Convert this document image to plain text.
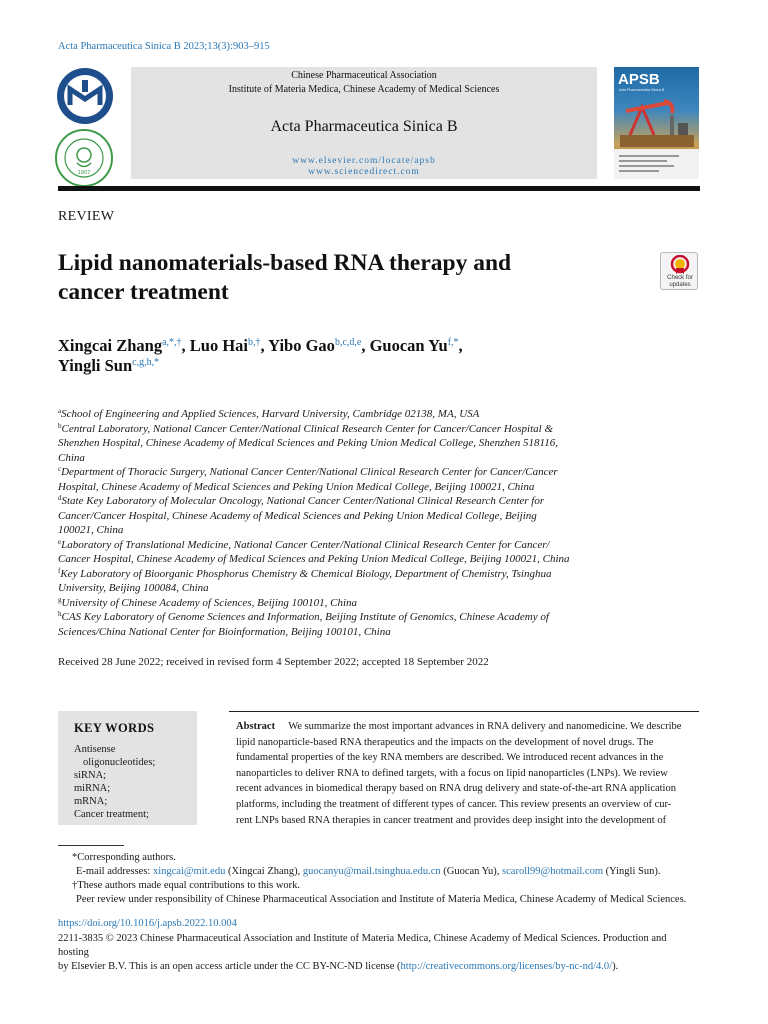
Acta Pharmaceutica Sinica B 2023;13(3):903–915
1907
Chinese Pharmaceutical Association
Institute of Materia Medica, Chinese Academy of Medical Sciences
Acta Pharmaceutica Sinica B
www.elsevier.com/locate/apsb
www.sciencedirect.com
APSB
Acta Pharmaceutica Sinica B
REVIEW
Lipid nanomaterials-based RNA therapy and
cancer treatment
Check for
updates
Xingcai Zhang$^{a,*,\dagger}$, Luo Hai$^{b,\dagger}$, Yibo Gao$^{b,c,d,e}$, Guocan $Yu^{f,*}$,
Yingli Sun$^{c,g,h,*}$
$^a$School of Engineering and Applied Sciences, Harvard University, Cambridge 02138, MA, USA
$^b$Central Laboratory, National Cancer Center/National Clinical Research Center for Cancer/Cancer Hospital &
Shenzhen Hospital, Chinese Academy of Medical Sciences and Peking Union Medical College, Shenzhen 518116,
China
$^c$Department of Thoracic Surgery, National Cancer Center/National Clinical Research Center for Cancer/Cancer
Hospital, Chinese Academy of Medical Sciences and Peking Union Medical College, Beijing 100021, China
$^d$State Key Laboratory of Molecular Oncology, National Cancer Center/National Clinical Research Center for
Cancer/Cancer Hospital, Chinese Academy of Medical Sciences and Peking Union Medical College, Beijing
100021, China
$^e$Laboratory of Translational Medicine, National Cancer Center/National Clinical Research Center for Cancer/
Cancer Hospital, Chinese Academy of Medical Sciences and Peking Union Medical College, Beijing 100021, China
$^f$Key Laboratory of Bioorganic Phosphorus Chemistry & Chemical Biology, Department of Chemistry, Tsinghua
University, Beijing 100084, China
$^g$University of Chinese Academy of Sciences, Beijing 100101, China
$^h$CAS Key Laboratory of Genome Sciences and Information, Beijing Institute of Genomics, Chinese Academy of
Sciences/China National Center for Bioinformation, Beijing 100101, China
Received 28 June 2022; received in revised form 4 September 2022; accepted 18 September 2022
KEY WORDS
Antisense
oligonucleotides;
siRNA;
miRNA;
mRNA;
Cancer treatment;
Abstract   We summarize the most important advances in RNA delivery and nanomedicine. We describe
lipid nanoparticle-based RNA therapeutics and the impacts on the development of novel drugs. The
fundamental properties of the key RNA members are described. We introduced recent advances in the
nanoparticles to deliver RNA to defined targets, with a focus on lipid nanoparticles (LNPs). We review
recent advances in biomedical therapy based on RNA drug delivery and state-of-the-art RNA application
platforms, including the treatment of different types of cancer. This review presents an overview of cur-
rent LNPs based RNA therapies in cancer treatment and provides deep insight into the development of
*Corresponding authors.
E-mail addresses: xingcai@mit.edu (Xingcai Zhang), guocanyu@mail.tsinghua.edu.cn (Guocan Yu), scaroll99@hotmail.com (Yingli Sun).
†These authors made equal contributions to this work.
Peer review under responsibility of Chinese Pharmaceutical Association and Institute of Materia Medica, Chinese Academy of Medical Sciences.
https://doi.org/10.1016/j.apsb.2022.10.004
2211-3835 © 2023 Chinese Pharmaceutical Association and Institute of Materia Medica, Chinese Academy of Medical Sciences. Production and hosting
by Elsevier B.V. This is an open access article under the CC BY-NC-ND license (http://creativecommons.org/licenses/by-nc-nd/4.0/).
